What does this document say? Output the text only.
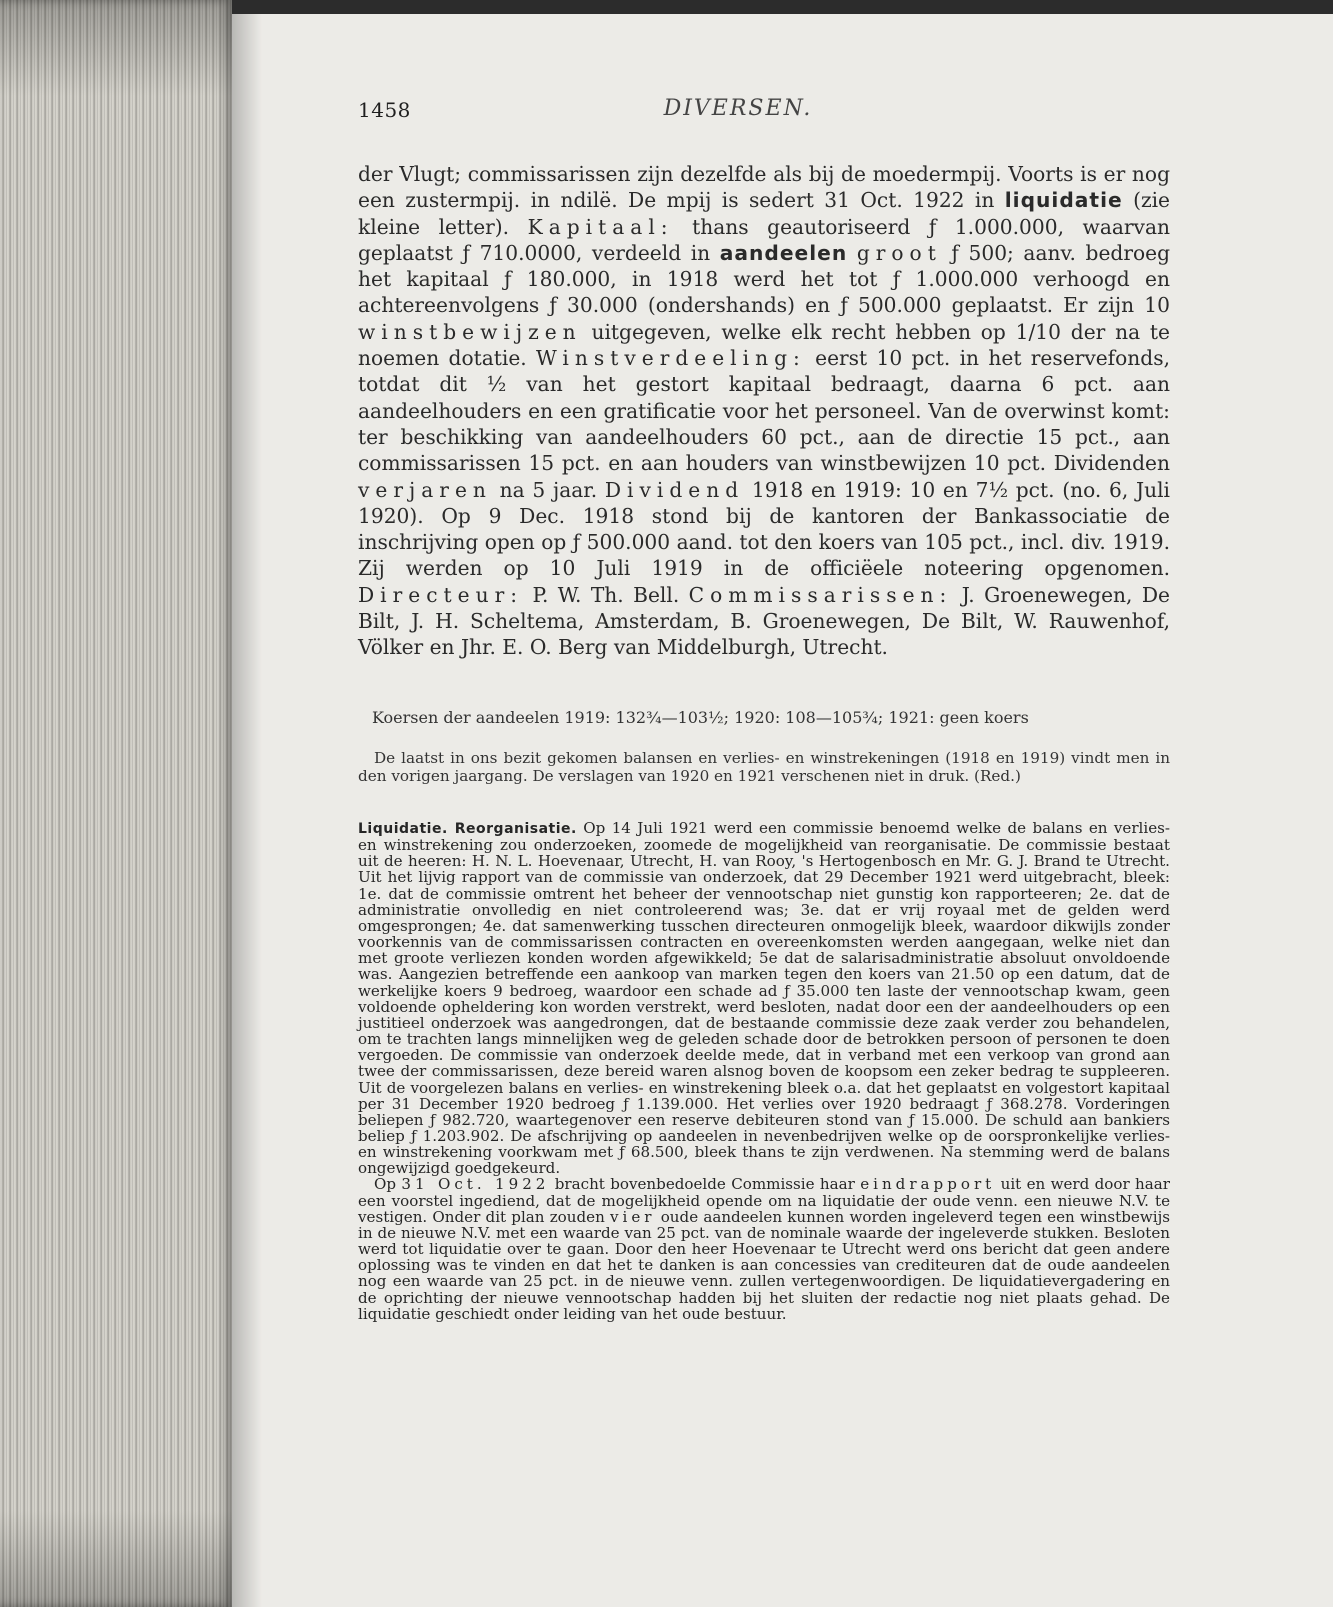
1458	DIVERSEN.

der Vlugt; commissarissen zijn dezelfde als bij de moedermpij. Voorts is er nog een zustermpij. in ndilë. De mpij is sedert 31 Oct. 1922 in liquidatie (zie kleine letter). Kapitaal: thans geautoriseerd ƒ 1.000.000, waarvan geplaatst ƒ 710.0000, verdeeld in aandeelen groot ƒ 500; aanv. bedroeg het kapitaal ƒ 180.000, in 1918 werd het tot ƒ 1.000.000 verhoogd en achtereenvolgens ƒ 30.000 (ondershands) en ƒ 500.000 geplaatst. Er zijn 10 winstbewijzen uitgegeven, welke elk recht hebben op 1/10 der na te noemen dotatie. Winstverdeeling: eerst 10 pct. in het reservefonds, totdat dit ½ van het gestort kapitaal bedraagt, daarna 6 pct. aan aandeelhouders en een gratificatie voor het personeel. Van de overwinst komt: ter beschikking van aandeelhouders 60 pct., aan de directie 15 pct., aan commissarissen 15 pct. en aan houders van winstbewijzen 10 pct. Dividenden verjaren na 5 jaar. Dividend 1918 en 1919: 10 en 7½ pct. (no. 6, Juli 1920). Op 9 Dec. 1918 stond bij de kantoren der Bankassociatie de inschrijving open op ƒ 500.000 aand. tot den koers van 105 pct., incl. div. 1919. Zij werden op 10 Juli 1919 in de officiëele noteering opgenomen. Directeur: P. W. Th. Bell. Commissarissen: J. Groenewegen, De Bilt, J. H. Scheltema, Amsterdam, B. Groenewegen, De Bilt, W. Rauwenhof, Völker en Jhr. E. O. Berg van Middelburgh, Utrecht.

Koersen der aandeelen 1919: 132¾—103½; 1920: 108—105¾; 1921: geen koers

De laatst in ons bezit gekomen balansen en verlies- en winstrekeningen (1918 en 1919) vindt men in den vorigen jaargang. De verslagen van 1920 en 1921 verschenen niet in druk. (Red.)

Liquidatie. Reorganisatie. Op 14 Juli 1921 werd een commissie benoemd welke de balans en verlies- en winstrekening zou onderzoeken, zoomede de mogelijkheid van reorganisatie. De commissie bestaat uit de heeren: H. N. L. Hoevenaar, Utrecht, H. van Rooy, 's Hertogenbosch en Mr. G. J. Brand te Utrecht. Uit het lijvig rapport van de commissie van onderzoek, dat 29 December 1921 werd uitgebracht, bleek: 1e. dat de commissie omtrent het beheer der vennootschap niet gunstig kon rapporteeren; 2e. dat de administratie onvolledig en niet controleerend was; 3e. dat er vrij royaal met de gelden werd omgesprongen; 4e. dat samenwerking tusschen directeuren onmogelijk bleek, waardoor dikwijls zonder voorkennis van de commissarissen contracten en overeenkomsten werden aangegaan, welke niet dan met groote verliezen konden worden afgewikkeld; 5e dat de salarisadministratie absoluut onvoldoende was. Aangezien betreffende een aankoop van marken tegen den koers van 21.50 op een datum, dat de werkelijke koers 9 bedroeg, waardoor een schade ad ƒ 35.000 ten laste der vennootschap kwam, geen voldoende opheldering kon worden verstrekt, werd besloten, nadat door een der aandeelhouders op een justitieel onderzoek was aangedrongen, dat de bestaande commissie deze zaak verder zou behandelen, om te trachten langs minnelijken weg de geleden schade door de betrokken persoon of personen te doen vergoeden. De commissie van onderzoek deelde mede, dat in verband met een verkoop van grond aan twee der commissarissen, deze bereid waren alsnog boven de koopsom een zeker bedrag te suppleeren. Uit de voorgelezen balans en verlies- en winstrekening bleek o.a. dat het geplaatst en volgestort kapitaal per 31 December 1920 bedroeg ƒ 1.139.000. Het verlies over 1920 bedraagt ƒ 368.278. Vorderingen beliepen ƒ 982.720, waartegenover een reserve debiteuren stond van ƒ 15.000. De schuld aan bankiers beliep ƒ 1.203.902. De afschrijving op aandeelen in nevenbedrijven welke op de oorspronkelijke verlies- en winstrekening voorkwam met ƒ 68.500, bleek thans te zijn verdwenen. Na stemming werd de balans ongewijzigd goedgekeurd.

Op 31 Oct. 1922 bracht bovenbedoelde Commissie haar eindrapport uit en werd door haar een voorstel ingediend, dat de mogelijkheid opende om na liquidatie der oude venn. een nieuwe N.V. te vestigen. Onder dit plan zouden vier oude aandeelen kunnen worden ingeleverd tegen een winstbewijs in de nieuwe N.V. met een waarde van 25 pct. van de nominale waarde der ingeleverde stukken. Besloten werd tot liquidatie over te gaan. Door den heer Hoevenaar te Utrecht werd ons bericht dat geen andere oplossing was te vinden en dat het te danken is aan concessies van crediteuren dat de oude aandeelen nog een waarde van 25 pct. in de nieuwe venn. zullen vertegenwoordigen. De liquidatievergadering en de oprichting der nieuwe vennootschap hadden bij het sluiten der redactie nog niet plaats gehad. De liquidatie geschiedt onder leiding van het oude bestuur.
